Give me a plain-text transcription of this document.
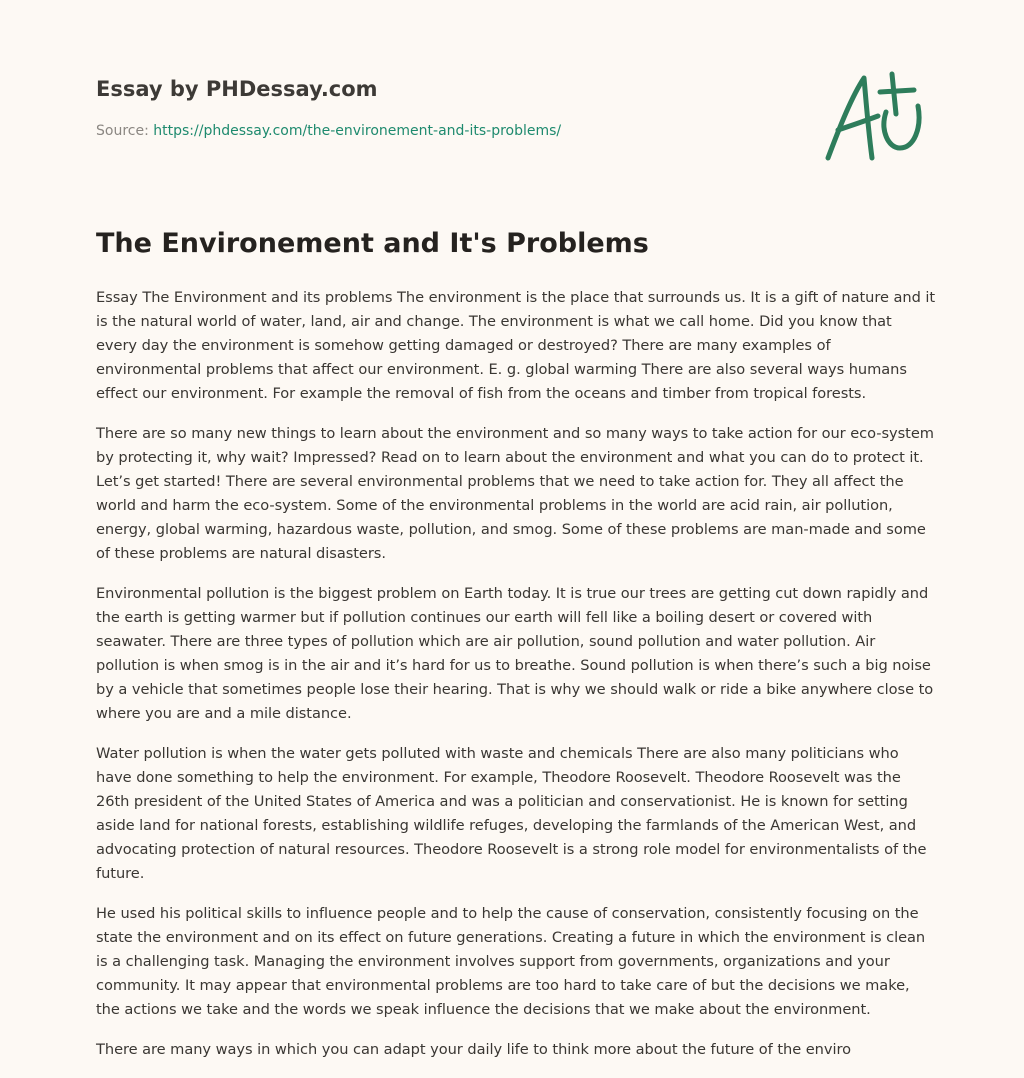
Essay by PHDessay.com
Source: https://phdessay.com/the-environement-and-its-problems/
The Environement and It's Problems

Essay The Environment and its problems The environment is the place that surrounds us. It is a gift of nature and it is the natural world of water, land, air and change. The environment is what we call home. Did you know that every day the environment is somehow getting damaged or destroyed? There are many examples of environmental problems that affect our environment. E. g. global warming There are also several ways humans effect our environment. For example the removal of fish from the oceans and timber from tropical forests.

There are so many new things to learn about the environment and so many ways to take action for our eco-system by protecting it, why wait? Impressed? Read on to learn about the environment and what you can do to protect it. Let’s get started! There are several environmental problems that we need to take action for. They all affect the world and harm the eco-system. Some of the environmental problems in the world are acid rain, air pollution, energy, global warming, hazardous waste, pollution, and smog. Some of these problems are man-made and some of these problems are natural disasters.

Environmental pollution is the biggest problem on Earth today. It is true our trees are getting cut down rapidly and the earth is getting warmer but if pollution continues our earth will fell like a boiling desert or covered with seawater. There are three types of pollution which are air pollution, sound pollution and water pollution. Air pollution is when smog is in the air and it’s hard for us to breathe. Sound pollution is when there’s such a big noise by a vehicle that sometimes people lose their hearing. That is why we should walk or ride a bike anywhere close to where you are and a mile distance.

Water pollution is when the water gets polluted with waste and chemicals There are also many politicians who have done something to help the environment. For example, Theodore Roosevelt. Theodore Roosevelt was the 26th president of the United States of America and was a politician and conservationist. He is known for setting aside land for national forests, establishing wildlife refuges, developing the farmlands of the American West, and advocating protection of natural resources. Theodore Roosevelt is a strong role model for environmentalists of the future.

He used his political skills to influence people and to help the cause of conservation, consistently focusing on the state the environment and on its effect on future generations. Creating a future in which the environment is clean is a challenging task. Managing the environment involves support from governments, organizations and your community. It may appear that environmental problems are too hard to take care of but the decisions we make, the actions we take and the words we speak influence the decisions that we make about the environment.

There are many ways in which you can adapt your daily life to think more about the future of the enviro
